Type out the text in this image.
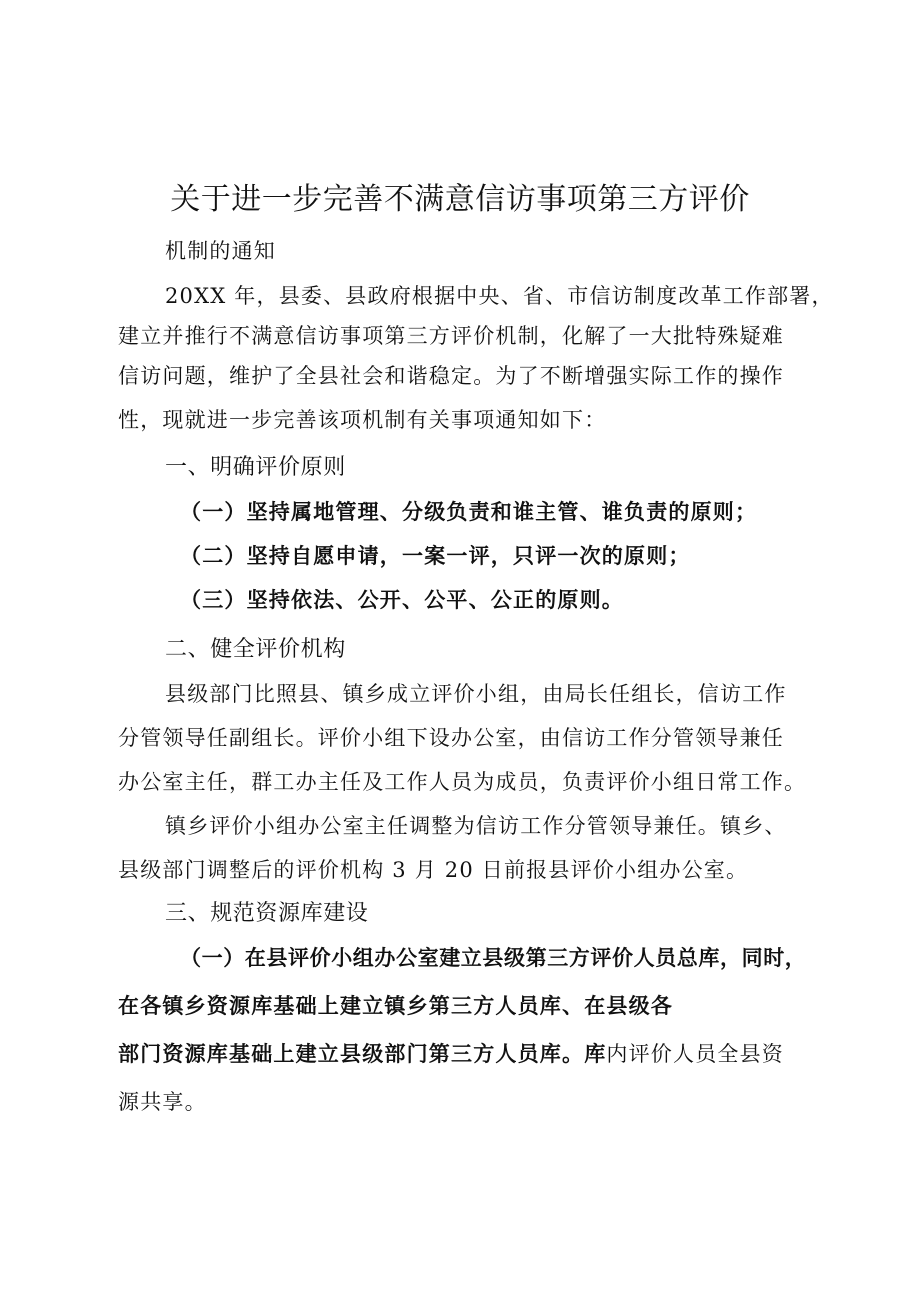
关于进一步完善不满意信访事项第三方评价
机制的通知
20XX 年，县委、县政府根据中央、省、市信访制度改革工作部署，
建立并推行不满意信访事项第三方评价机制，化解了一大批特殊疑难
信访问题，维护了全县社会和谐稳定。为了不断增强实际工作的操作
性，现就进一步完善该项机制有关事项通知如下：
一、明确评价原则
（一）坚持属地管理、分级负责和谁主管、谁负责的原则；
（二）坚持自愿申请，一案一评，只评一次的原则；
（三）坚持依法、公开、公平、公正的原则。
二、健全评价机构
县级部门比照县、镇乡成立评价小组，由局长任组长，信访工作
分管领导任副组长。评价小组下设办公室，由信访工作分管领导兼任
办公室主任，群工办主任及工作人员为成员，负责评价小组日常工作。
镇乡评价小组办公室主任调整为信访工作分管领导兼任。镇乡、
县级部门调整后的评价机构 3 月 20 日前报县评价小组办公室。
三、规范资源库建设
（一）在县评价小组办公室建立县级第三方评价人员总库，同时，
在各镇乡资源库基础上建立镇乡第三方人员库、在县级各
部门资源库基础上建立县级部门第三方人员库。库内评价人员全县资
源共享。
